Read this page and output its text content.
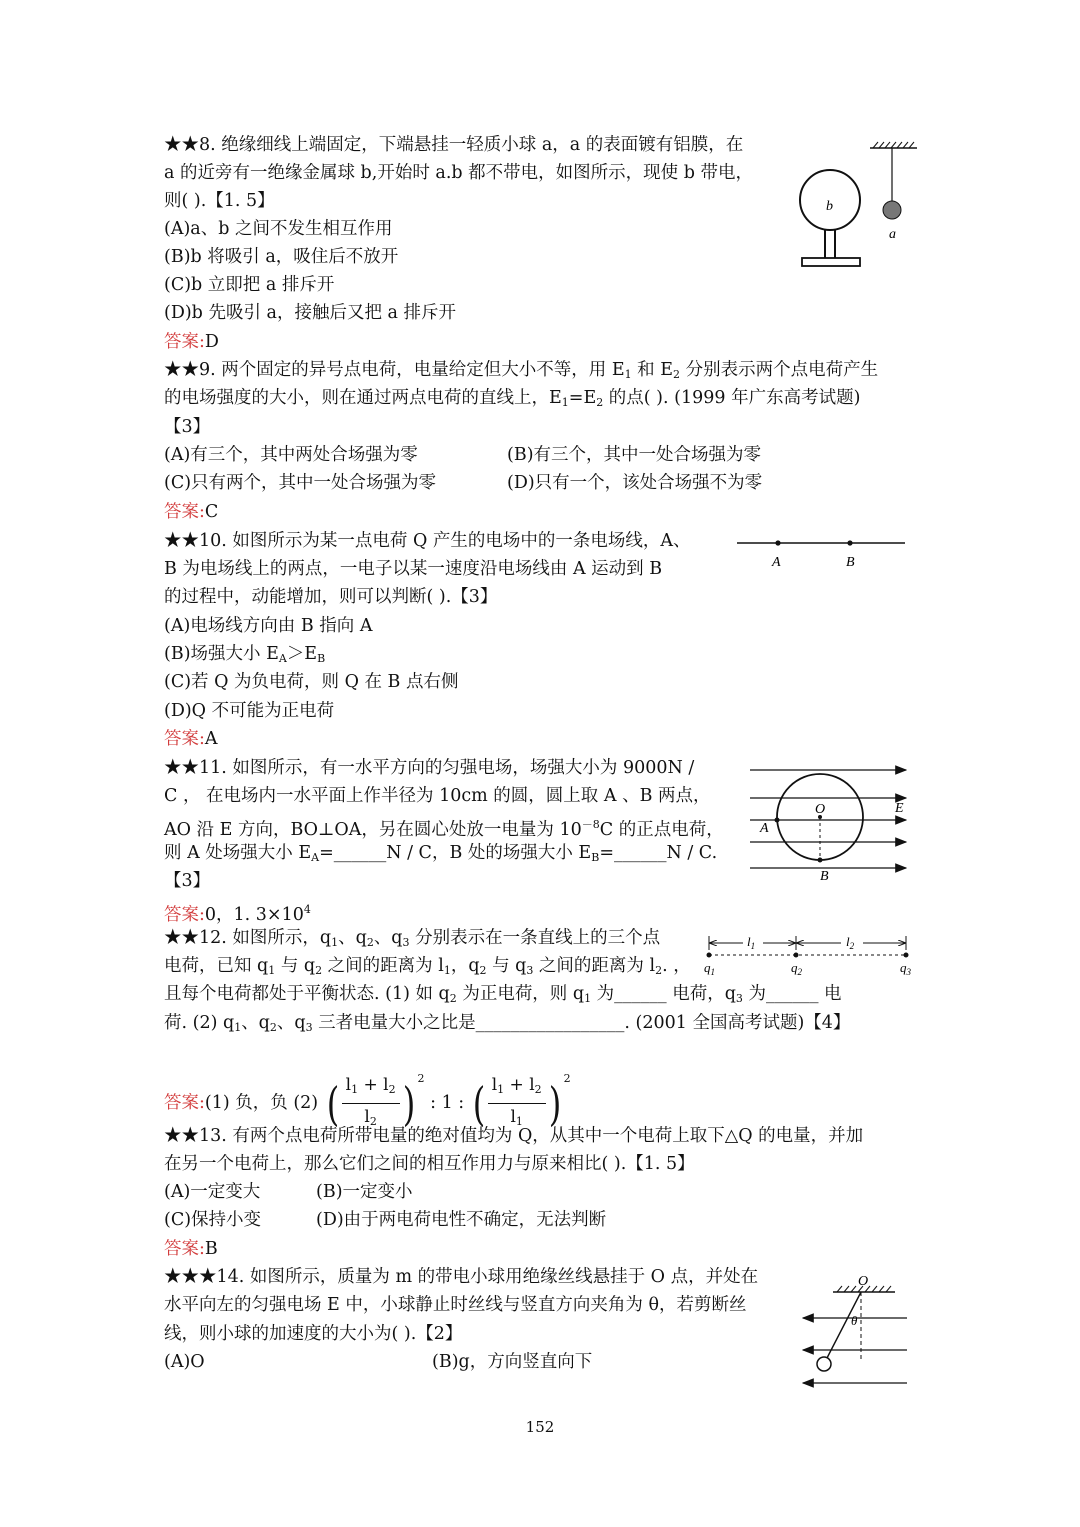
★★8. 绝缘细线上端固定，下端悬挂一轻质小球 a，a 的表面镀有铝膜，在
a 的近旁有一绝缘金属球 b,开始时 a.b 都不带电，如图所示，现使 b 带电，
则( ).【1. 5】
(A)a、b 之间不发生相互作用
(B)b 将吸引 a，吸住后不放开
(C)b 立即把 a 排斥开
(D)b 先吸引 a，接触后又把 a 排斥开
答案:D
b
a
★★9. 两个固定的异号点电荷，电量给定但大小不等，用 $E_1$ 和 $E_2$ 分别表示两个点电荷产生
的电场强度的大小，则在通过两点电荷的直线上，$E_1=E_2$ 的点( ). (1999 年广东高考试题)
【3】
(A)有三个，其中两处合场强为零	(B)有三个，其中一处合场强为零
(C)只有两个，其中一处合场强为零	(D)只有一个，该处合场强不为零
答案:C
★★10. 如图所示为某一点电荷 Q 产生的电场中的一条电场线，A、
B 为电场线上的两点，一电子以某一速度沿电场线由 A 运动到 B
的过程中，动能增加，则可以判断( ).【3】
(A)电场线方向由 B 指向 A
(B)场强大小 $E_A>E_B$
(C)若 Q 为负电荷，则 Q 在 B 点右侧
(D)Q 不可能为正电荷
答案:A
A	B
★★11. 如图所示，有一水平方向的匀强电场，场强大小为 9000N /
C ， 在电场内一水平面上作半径为 10cm 的圆，圆上取 A 、B 两点，
AO 沿 E 方向，BO⊥OA，另在圆心处放一电量为 $10^{-8}C$ 的正点电荷，
则 A 处场强大小 $E_A=\_\_\_\_\_\_N / C$，B 处的场强大小 $E_B=\_\_\_\_\_\_N / C$.
【3】
答案:0，1. $3\times 10^4$
O	E
A
B
★★12. 如图所示，$q_1$、$q_2$、$q_3$ 分别表示在一条直线上的三个点
电荷，已知 $q_1$ 与 $q_2$ 之间的距离为 $l_1$，$q_2$ 与 $q_3$ 之间的距离为 $l_2$. ，
且每个电荷都处于平衡状态. (1) 如 $q_2$ 为正电荷，则 $q_1$ 为______ 电荷，$q_3$ 为______ 电
荷. (2) $q_1$、$q_2$、$q_3$ 三者电量大小之比是_________________. (2001 全国高考试题)【4】
答案:(1) 负，负 (2) ( $\frac{l_1 + l_2}{l_2}$ ) $^2$ : 1 : ( $\frac{l_1 + l_2}{l_1}$ ) $^2$
$l_1$	$l_2$
$q_1$	$q_2$	$q_3$
★★13. 有两个点电荷所带电量的绝对值均为 Q，从其中一个电荷上取下△Q 的电量，并加
在另一个电荷上，那么它们之间的相互作用力与原来相比( ).【1. 5】
(A)一定变大	(B)一定变小
(C)保持小变	(D)由于两电荷电性不确定，无法判断
答案:B
★★★14. 如图所示，质量为 m 的带电小球用绝缘丝线悬挂于 O 点，并处在
水平向左的匀强电场 E 中，小球静止时丝线与竖直方向夹角为 θ，若剪断丝
线，则小球的加速度的大小为( ).【2】
(A)O	(B)g，方向竖直向下
O
θ
152
